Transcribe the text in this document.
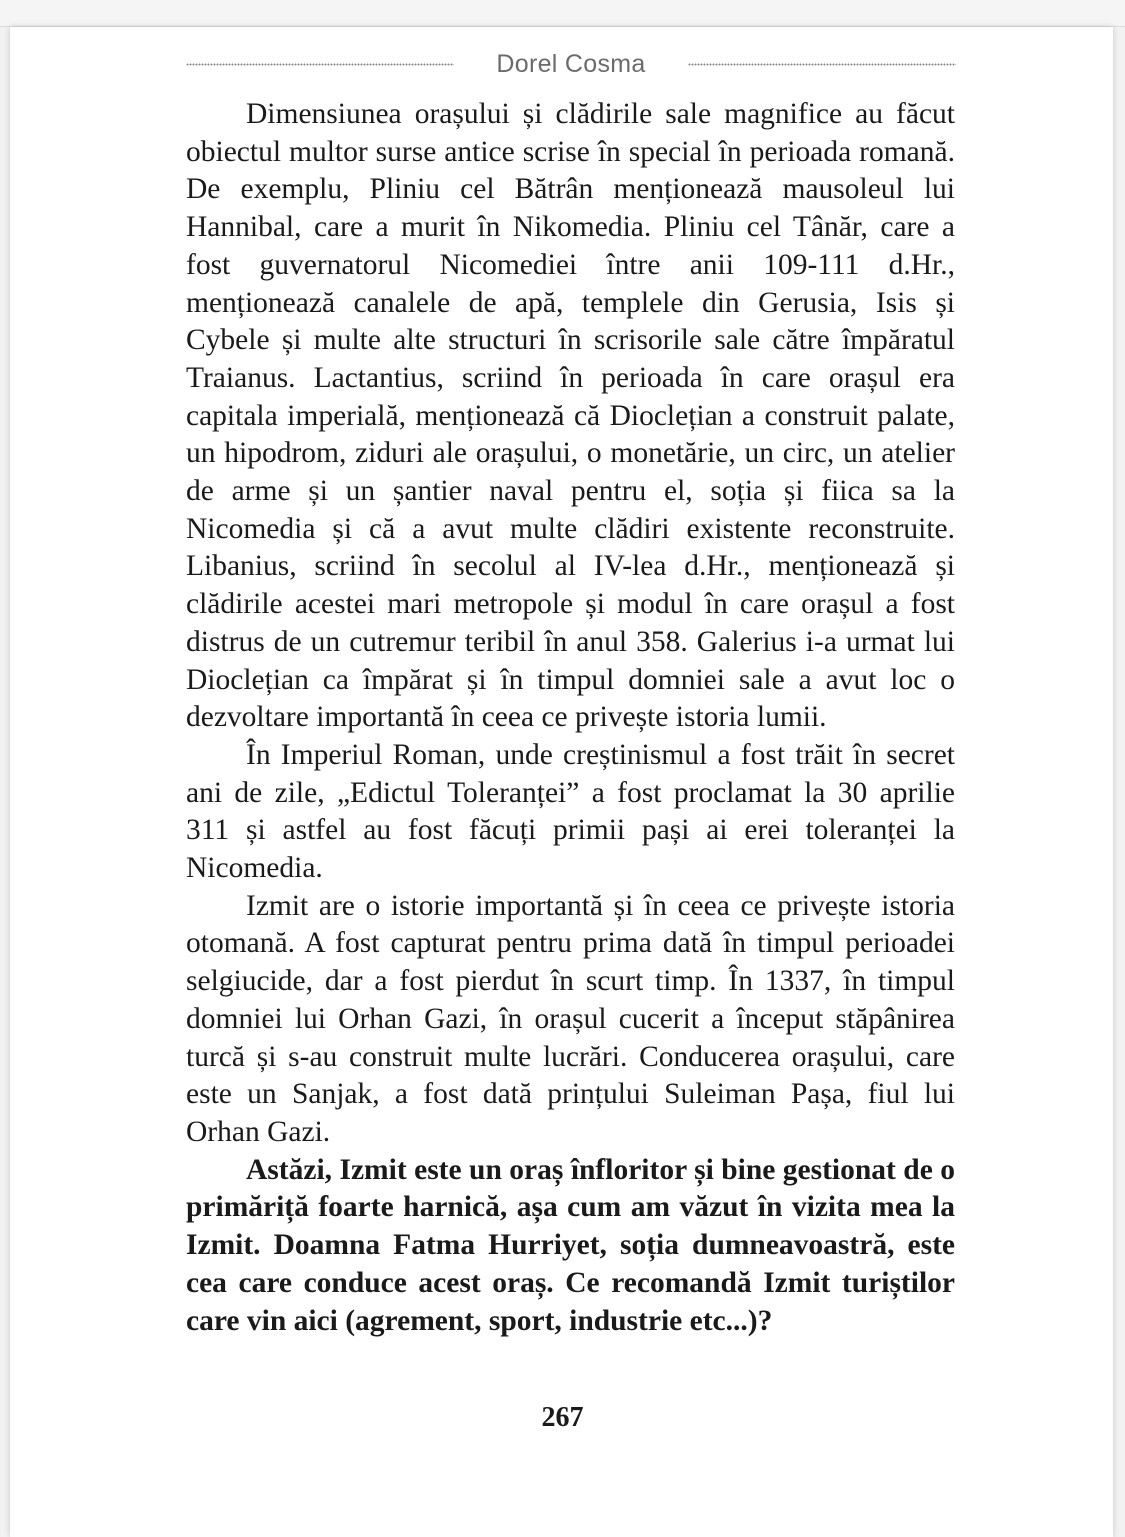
Dorel Cosma

Dimensiunea orașului și clădirile sale magnifice au făcut obiectul multor surse antice scrise în special în perioada romană. De exemplu, Pliniu cel Bătrân menționează mausoleul lui Hannibal, care a murit în Nikomedia. Pliniu cel Tânăr, care a fost guvernatorul Nicomediei între anii 109-111 d.Hr., menționează canalele de apă, templele din Gerusia, Isis și Cybele și multe alte structuri în scrisorile sale către împăratul Traianus. Lactantius, scriind în perioada în care orașul era capitala imperială, menționează că Dioclețian a construit palate, un hipodrom, ziduri ale orașului, o monetărie, un circ, un atelier de arme și un șantier naval pentru el, soția și fiica sa la Nicomedia și că a avut multe clădiri existente reconstruite. Libanius, scriind în secolul al IV-lea d.Hr., menționează și clădirile acestei mari metropole și modul în care orașul a fost distrus de un cutremur teribil în anul 358. Galerius i-a urmat lui Dioclețian ca împărat și în timpul domniei sale a avut loc o dezvoltare importantă în ceea ce privește istoria lumii.

În Imperiul Roman, unde creștinismul a fost trăit în secret ani de zile, „Edictul Toleranței” a fost proclamat la 30 aprilie 311 și astfel au fost făcuți primii pași ai erei toleranței la Nicomedia.

Izmit are o istorie importantă și în ceea ce privește istoria otomană. A fost capturat pentru prima dată în timpul perioadei selgiucide, dar a fost pierdut în scurt timp. În 1337, în timpul domniei lui Orhan Gazi, în orașul cucerit a început stăpânirea turcă și s-au construit multe lucrări. Conducerea orașului, care este un Sanjak, a fost dată prințului Suleiman Pașa, fiul lui Orhan Gazi.

Astăzi, Izmit este un oraș înfloritor și bine gestionat de o primăriță foarte harnică, așa cum am văzut în vizita mea la Izmit. Doamna Fatma Hurriyet, soția dumneavoastră, este cea care conduce acest oraș. Ce recomandă Izmit turiștilor care vin aici (agrement, sport, industrie etc...)?

267
